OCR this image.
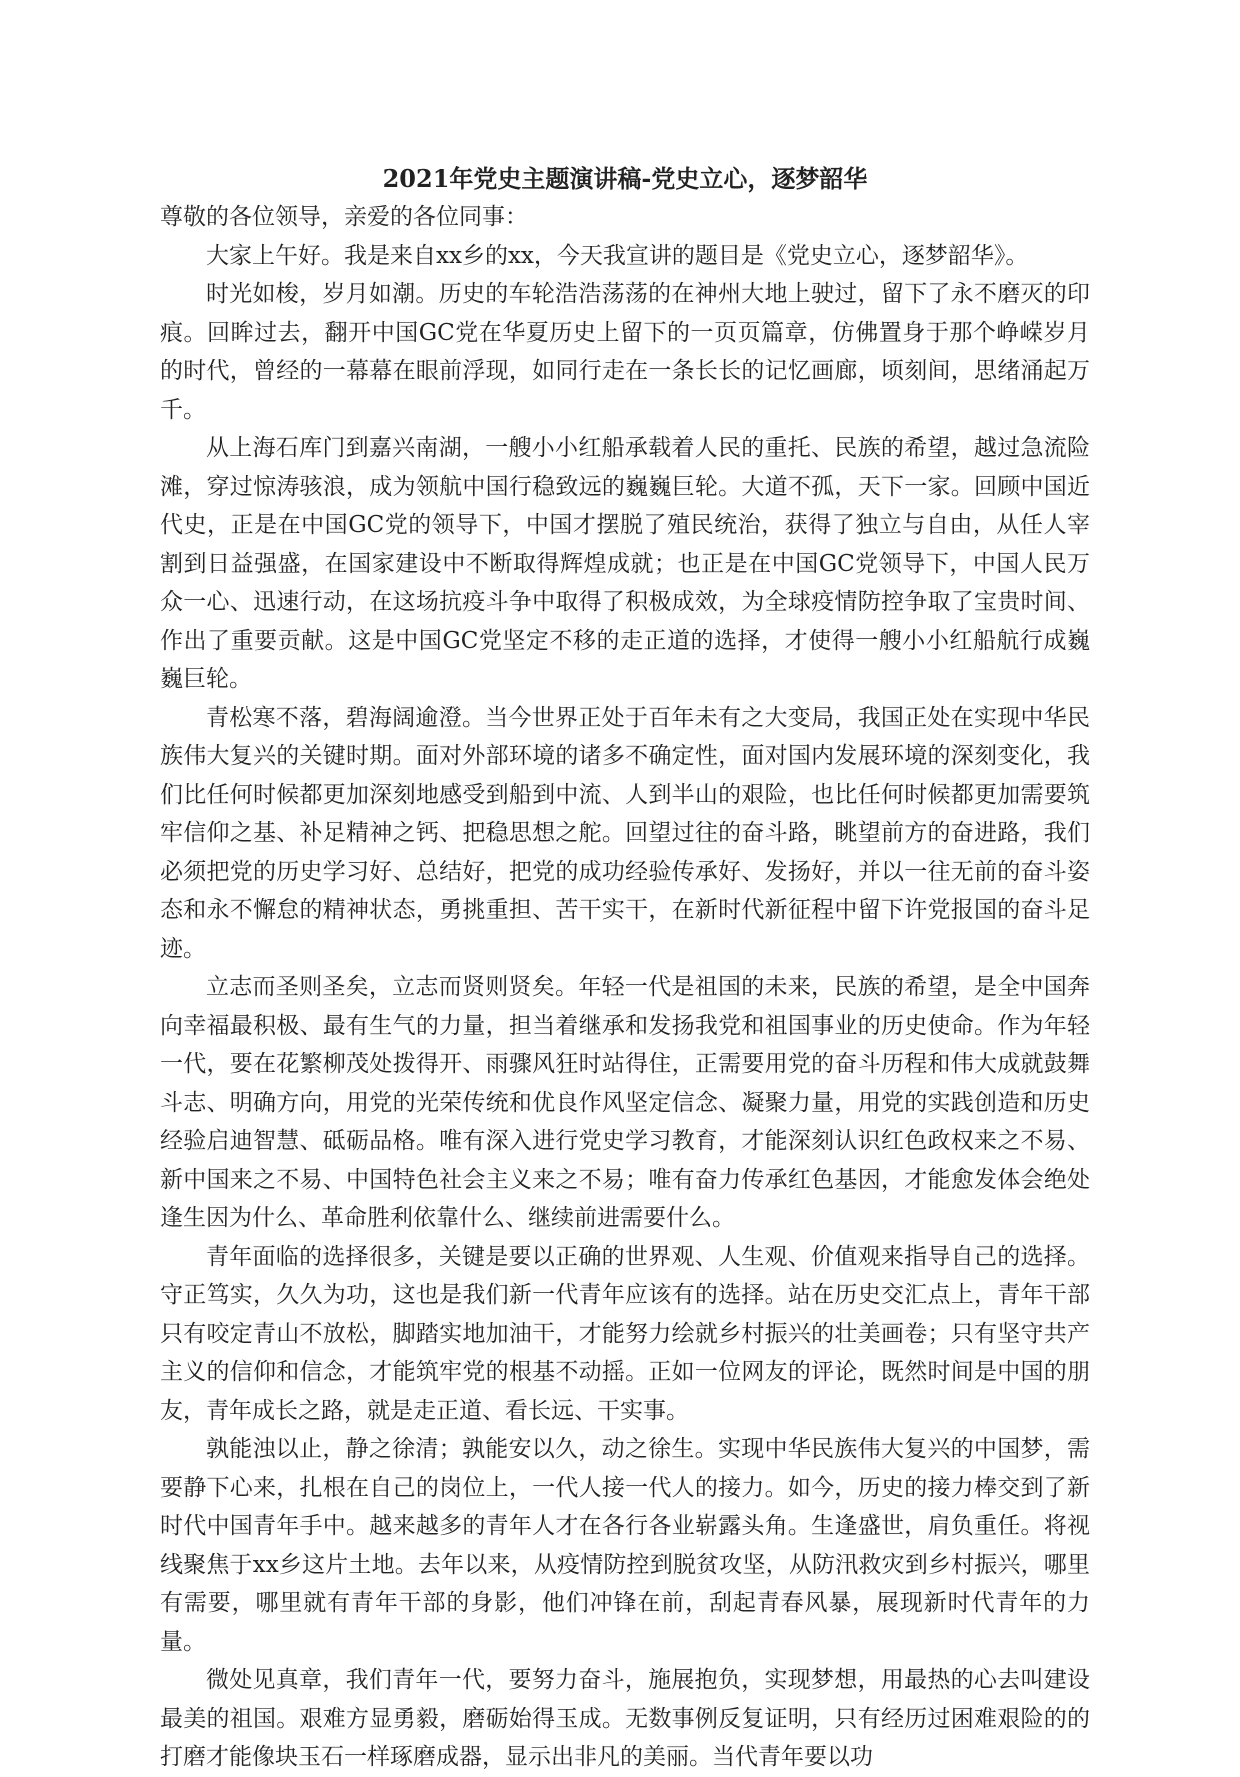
2021年党史主题演讲稿-党史立心，逐梦韶华

尊敬的各位领导，亲爱的各位同事：

大家上午好。我是来自xx乡的xx，今天我宣讲的题目是《党史立心，逐梦韶华》。

时光如梭，岁月如潮。历史的车轮浩浩荡荡的在神州大地上驶过，留下了永不磨灭的印痕。回眸过去，翻开中国GC党在华夏历史上留下的一页页篇章，仿佛置身于那个峥嵘岁月的时代，曾经的一幕幕在眼前浮现，如同行走在一条长长的记忆画廊，顷刻间，思绪涌起万千。

从上海石库门到嘉兴南湖，一艘小小红船承载着人民的重托、民族的希望，越过急流险滩，穿过惊涛骇浪，成为领航中国行稳致远的巍巍巨轮。大道不孤，天下一家。回顾中国近代史，正是在中国GC党的领导下，中国才摆脱了殖民统治，获得了独立与自由，从任人宰割到日益强盛，在国家建设中不断取得辉煌成就；也正是在中国GC党领导下，中国人民万众一心、迅速行动，在这场抗疫斗争中取得了积极成效，为全球疫情防控争取了宝贵时间、作出了重要贡献。这是中国GC党坚定不移的走正道的选择，才使得一艘小小红船航行成巍巍巨轮。

青松寒不落，碧海阔逾澄。当今世界正处于百年未有之大变局，我国正处在实现中华民族伟大复兴的关键时期。面对外部环境的诸多不确定性，面对国内发展环境的深刻变化，我们比任何时候都更加深刻地感受到船到中流、人到半山的艰险，也比任何时候都更加需要筑牢信仰之基、补足精神之钙、把稳思想之舵。回望过往的奋斗路，眺望前方的奋进路，我们必须把党的历史学习好、总结好，把党的成功经验传承好、发扬好，并以一往无前的奋斗姿态和永不懈怠的精神状态，勇挑重担、苦干实干，在新时代新征程中留下许党报国的奋斗足迹。

立志而圣则圣矣，立志而贤则贤矣。年轻一代是祖国的未来，民族的希望，是全中国奔向幸福最积极、最有生气的力量，担当着继承和发扬我党和祖国事业的历史使命。作为年轻一代，要在花繁柳茂处拨得开、雨骤风狂时站得住，正需要用党的奋斗历程和伟大成就鼓舞斗志、明确方向，用党的光荣传统和优良作风坚定信念、凝聚力量，用党的实践创造和历史经验启迪智慧、砥砺品格。唯有深入进行党史学习教育，才能深刻认识红色政权来之不易、新中国来之不易、中国特色社会主义来之不易；唯有奋力传承红色基因，才能愈发体会绝处逢生因为什么、革命胜利依靠什么、继续前进需要什么。

青年面临的选择很多，关键是要以正确的世界观、人生观、价值观来指导自己的选择。守正笃实，久久为功，这也是我们新一代青年应该有的选择。站在历史交汇点上，青年干部只有咬定青山不放松，脚踏实地加油干，才能努力绘就乡村振兴的壮美画卷；只有坚守共产主义的信仰和信念，才能筑牢党的根基不动摇。正如一位网友的评论，既然时间是中国的朋友，青年成长之路，就是走正道、看长远、干实事。

孰能浊以止，静之徐清；孰能安以久，动之徐生。实现中华民族伟大复兴的中国梦，需要静下心来，扎根在自己的岗位上，一代人接一代人的接力。如今，历史的接力棒交到了新时代中国青年手中。越来越多的青年人才在各行各业崭露头角。生逢盛世，肩负重任。将视线聚焦于xx乡这片土地。去年以来，从疫情防控到脱贫攻坚，从防汛救灾到乡村振兴，哪里有需要，哪里就有青年干部的身影，他们冲锋在前，刮起青春风暴，展现新时代青年的力量。

微处见真章，我们青年一代，要努力奋斗，施展抱负，实现梦想，用最热的心去叫建设最美的祖国。艰难方显勇毅，磨砺始得玉成。无数事例反复证明，只有经历过困难艰险的的打磨才能像块玉石一样琢磨成器，显示出非凡的美丽。当代青年要以功
